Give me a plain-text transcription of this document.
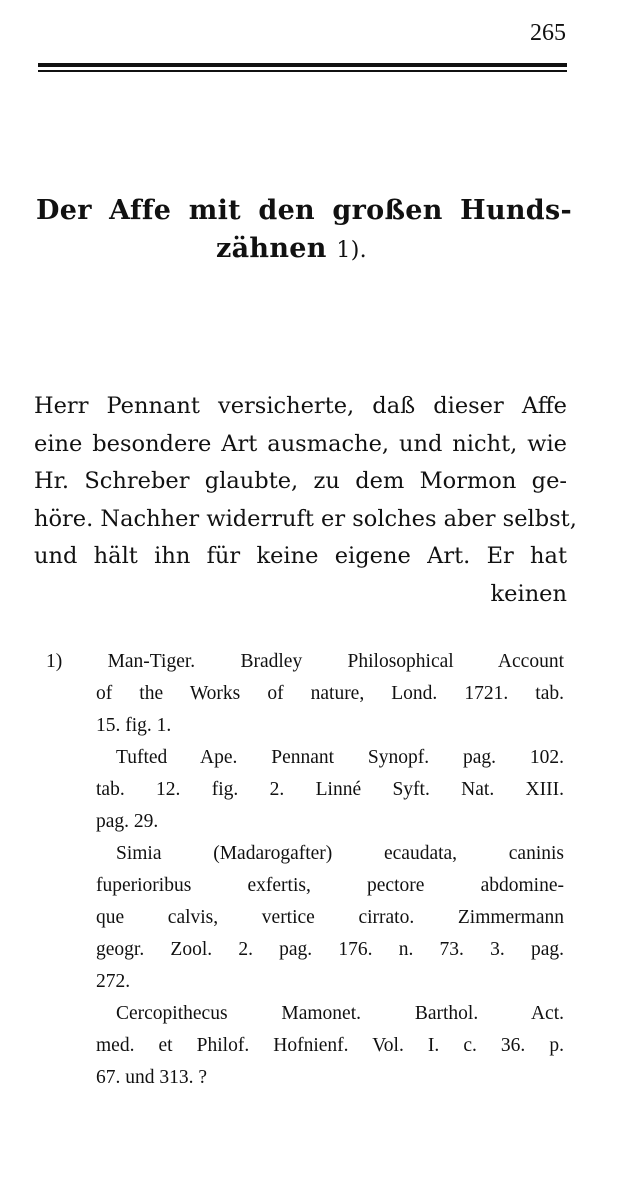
265
Der Affe mit den großen Hunds-
zähnen 1).
Herr Pennant versicherte, daß dieser Affe
eine besondere Art ausmache, und nicht, wie
Hr. Schreber glaubte, zu dem Mormon ge-
höre. Nachher widerruft er solches aber selbst,
und hält ihn für keine eigene Art. Er hat
keinen
1) Man-Tiger. Bradley Philosophical Account
of the Works of nature, Lond. 1721. tab.
15. fig. 1.
Tufted Ape. Pennant Synopf. pag. 102.
tab. 12. fig. 2. Linné Syft. Nat. XIII.
pag. 29.
Simia (Madarogafter) ecaudata, caninis
fuperioribus exfertis, pectore abdomine-
que calvis, vertice cirrato. Zimmermann
geogr. Zool. 2. pag. 176. n. 73. 3. pag.
272.
Cercopithecus Mamonet. Barthol. Act.
med. et Philof. Hofnienf. Vol. I. c. 36. p.
67. und 313. ?
